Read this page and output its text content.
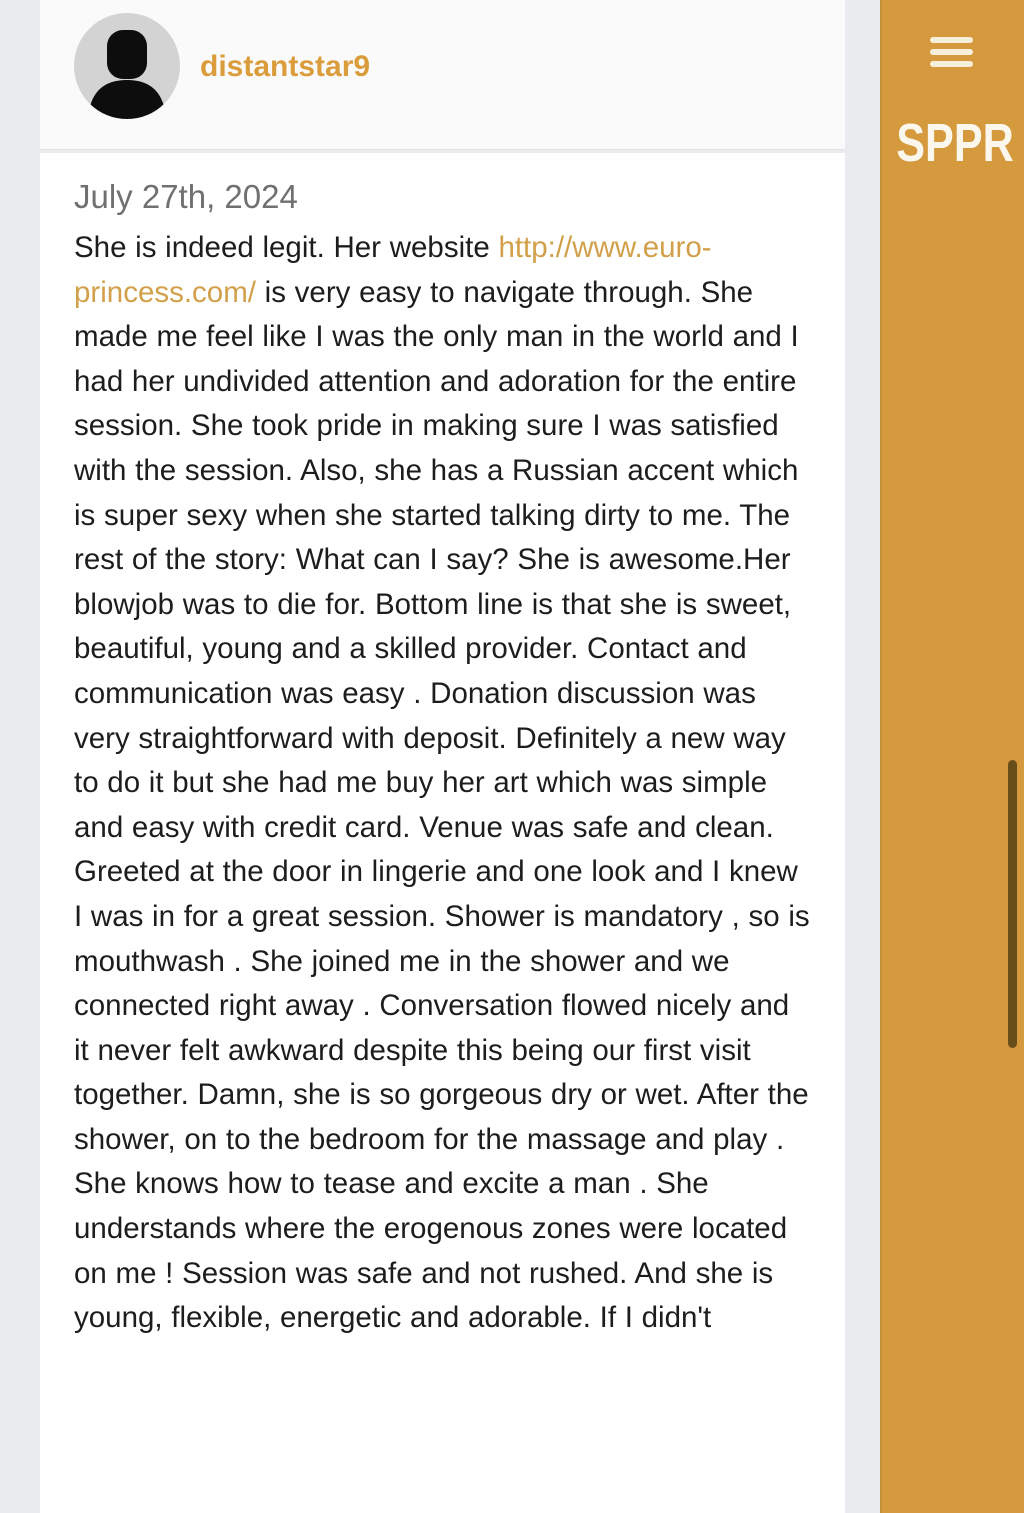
distantstar9
July 27th, 2024

She is indeed legit. Her website http://www.euro-princess.com/ is very easy to navigate through. She made me feel like I was the only man in the world and I had her undivided attention and adoration for the entire session. She took pride in making sure I was satisfied with the session. Also, she has a Russian accent which is super sexy when she started talking dirty to me. The rest of the story: What can I say? She is awesome.Her blowjob was to die for. Bottom line is that she is sweet, beautiful, young and a skilled provider. Contact and communication was easy . Donation discussion was very straightforward with deposit. Definitely a new way to do it but she had me buy her art which was simple and easy with credit card. Venue was safe and clean. Greeted at the door in lingerie and one look and I knew I was in for a great session. Shower is mandatory , so is mouthwash . She joined me in the shower and we connected right away . Conversation flowed nicely and it never felt awkward despite this being our first visit together. Damn, she is so gorgeous dry or wet. After the shower, on to the bedroom for the massage and play . She knows how to tease and excite a man . She understands where the erogenous zones were located on me ! Session was safe and not rushed. And she is young, flexible, energetic and adorable. If I didn't

SPPR
